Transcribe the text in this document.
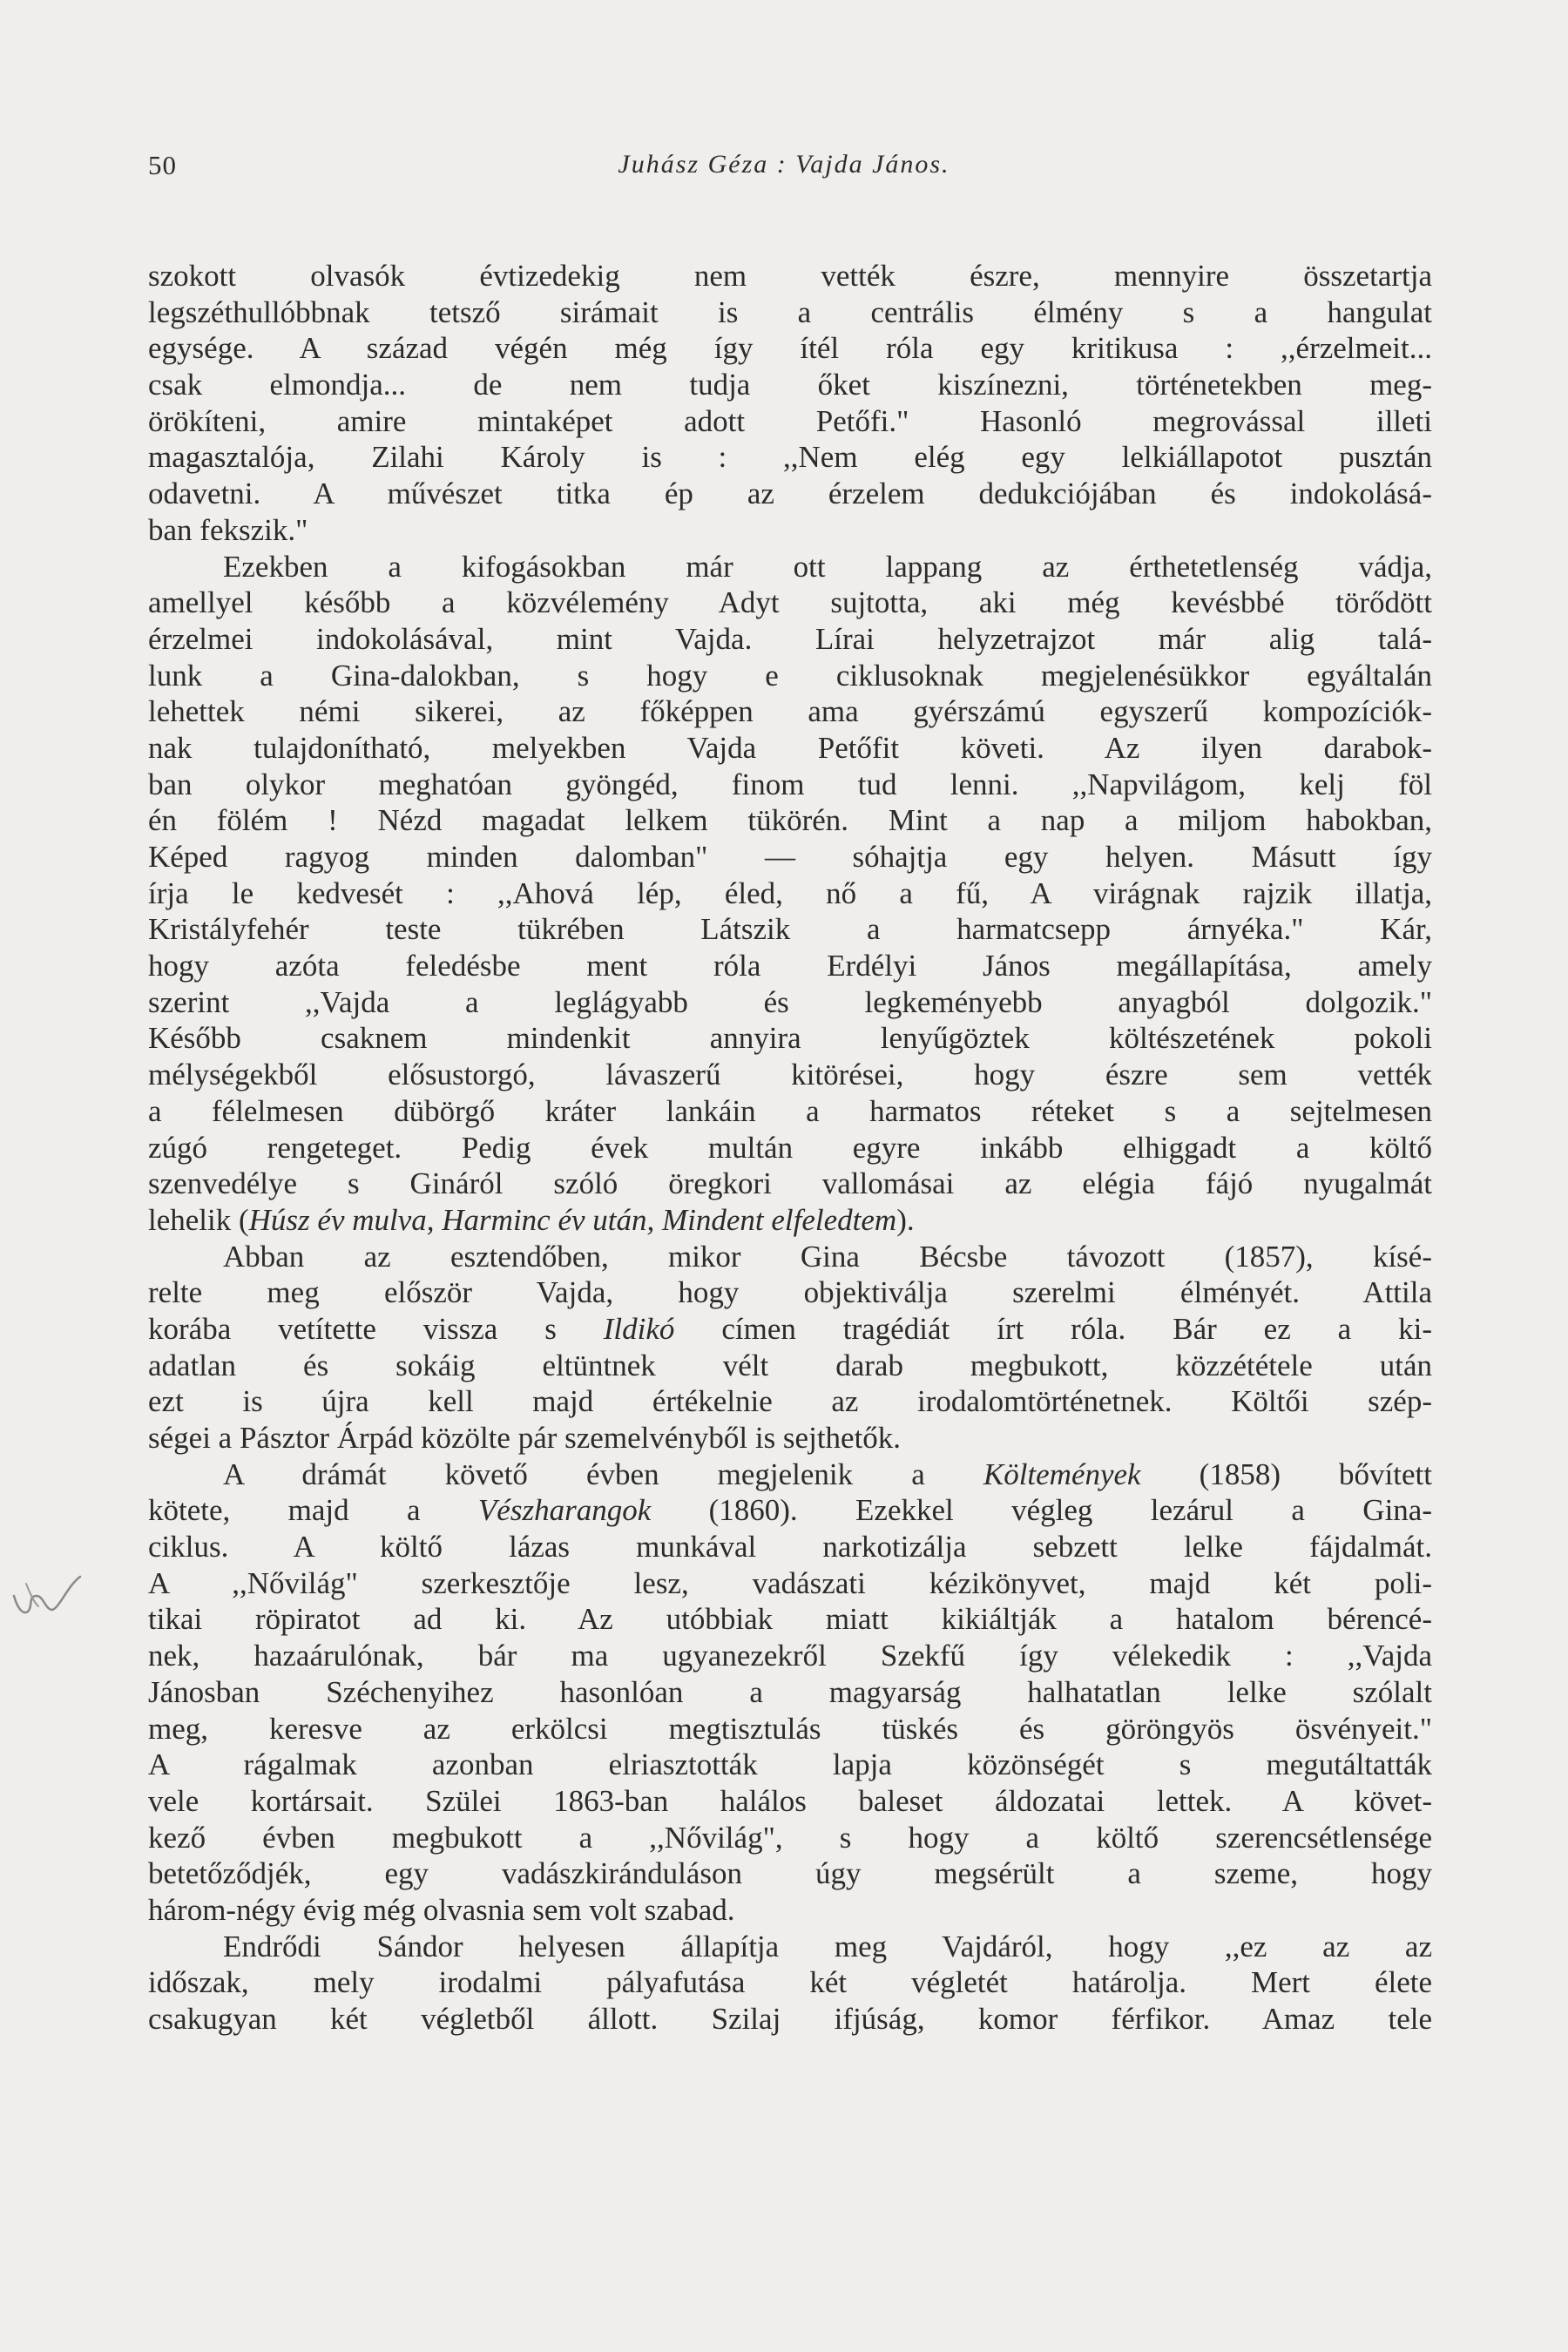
50	Juhász Géza : Vajda János.
szokott olvasók évtizedekig nem vették észre, mennyire összetartja
legszéthullóbbnak tetsző sirámait is a centrális élmény s a hangulat
egysége. A század végén még így ítél róla egy kritikusa : ,,érzelmeit...
csak elmondja... de nem tudja őket kiszínezni, történetekben meg-
örökíteni, amire mintaképet adott Petőfi." Hasonló megrovással illeti
magasztalója, Zilahi Károly is : ,,Nem elég egy lelkiállapotot pusztán
odavetni. A művészet titka ép az érzelem dedukciójában és indokolásá-
ban fekszik."
Ezekben a kifogásokban már ott lappang az érthetetlenség vádja,
amellyel később a közvélemény Adyt sujtotta, aki még kevésbbé törődött
érzelmei indokolásával, mint Vajda. Lírai helyzetrajzot már alig talá-
lunk a Gina-dalokban, s hogy e ciklusoknak megjelenésükkor egyáltalán
lehettek némi sikerei, az főképpen ama gyérszámú egyszerű kompozíciók-
nak tulajdonítható, melyekben Vajda Petőfit követi. Az ilyen darabok-
ban olykor meghatóan gyöngéd, finom tud lenni. ,,Napvilágom, kelj föl
én fölém ! Nézd magadat lelkem tükörén. Mint a nap a miljom habokban,
Képed ragyog minden dalomban" — sóhajtja egy helyen. Másutt így
írja le kedvesét : ,,Ahová lép, éled, nő a fű, A virágnak rajzik illatja,
Kristályfehér teste tükrében Látszik a harmatcsepp árnyéka." Kár,
hogy azóta feledésbe ment róla Erdélyi János megállapítása, amely
szerint ,,Vajda a leglágyabb és legkeményebb anyagból dolgozik."
Később csaknem mindenkit annyira lenyűgöztek költészetének pokoli
mélységekből elősustorgó, lávaszerű kitörései, hogy észre sem vették
a félelmesen dübörgő kráter lankáin a harmatos réteket s a sejtelmesen
zúgó rengeteget. Pedig évek multán egyre inkább elhiggadt a költő
szenvedélye s Gináról szóló öregkori vallomásai az elégia fájó nyugalmát
lehelik (Húsz év mulva, Harminc év után, Mindent elfeledtem).
Abban az esztendőben, mikor Gina Bécsbe távozott (1857), kísé-
relte meg először Vajda, hogy objektiválja szerelmi élményét. Attila
korába vetítette vissza s Ildikó címen tragédiát írt róla. Bár ez a ki-
adatlan és sokáig eltüntnek vélt darab megbukott, közzététele után
ezt is újra kell majd értékelnie az irodalomtörténetnek. Költői szép-
ségei a Pásztor Árpád közölte pár szemelvényből is sejthetők.
A drámát követő évben megjelenik a Költemények (1858) bővített
kötete, majd a Vészharangok (1860). Ezekkel végleg lezárul a Gina-
ciklus. A költő lázas munkával narkotizálja sebzett lelke fájdalmát.
A ,,Nővilág" szerkesztője lesz, vadászati kézikönyvet, majd két poli-
tikai röpiratot ad ki. Az utóbbiak miatt kikiáltják a hatalom bérencé-
nek, hazaárulónak, bár ma ugyanezekről Szekfű így vélekedik : ,,Vajda
Jánosban Széchenyihez hasonlóan a magyarság halhatatlan lelke szólalt
meg, keresve az erkölcsi megtisztulás tüskés és göröngyös ösvényeit."
A rágalmak azonban elriasztották lapja közönségét s megutáltatták
vele kortársait. Szülei 1863-ban halálos baleset áldozatai lettek. A követ-
kező évben megbukott a ,,Nővilág", s hogy a költő szerencsétlensége
betetőződjék, egy vadászkiránduláson úgy megsérült a szeme, hogy
három-négy évig még olvasnia sem volt szabad.
Endrődi Sándor helyesen állapítja meg Vajdáról, hogy ,,ez az az
időszak, mely irodalmi pályafutása két végletét határolja. Mert élete
csakugyan két végletből állott. Szilaj ifjúság, komor férfikor. Amaz tele
